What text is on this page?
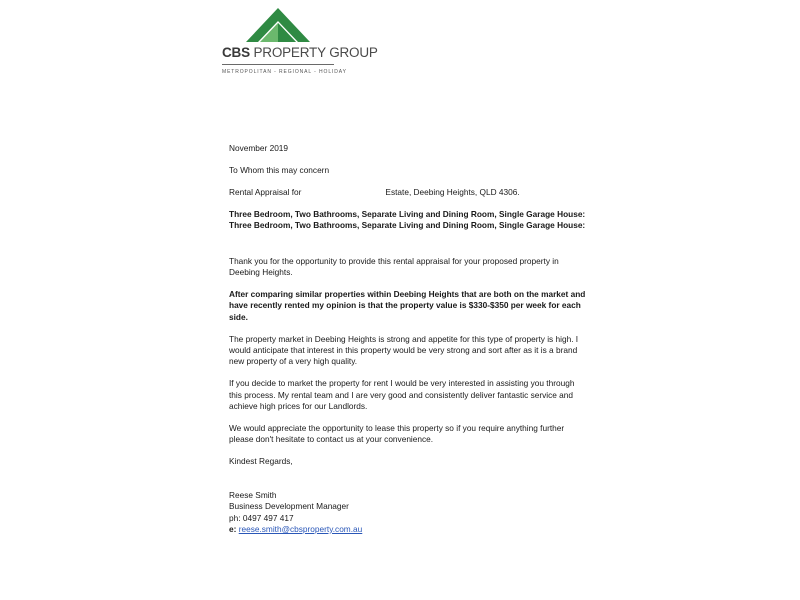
CBS PROPERTY GROUP
METROPOLITAN - REGIONAL - HOLIDAY

November 2019

To Whom this may concern

Rental Appraisal for	Estate, Deebing Heights, QLD 4306.

Three Bedroom, Two Bathrooms, Separate Living and Dining Room, Single Garage House:

Three Bedroom, Two Bathrooms, Separate Living and Dining Room, Single Garage House:

Thank you for the opportunity to provide this rental appraisal for your proposed property in Deebing Heights.

After comparing similar properties within Deebing Heights that are both on the market and have recently rented my opinion is that the property value is $330-$350 per week for each side.

The property market in Deebing Heights is strong and appetite for this type of property is high. I would anticipate that interest in this property would be very strong and sort after as it is a brand new property of a very high quality.

If you decide to market the property for rent I would be very interested in assisting you through this process. My rental team and I are very good and consistently deliver fantastic service and achieve high prices for our Landlords.

We would appreciate the opportunity to lease this property so if you require anything further please don't hesitate to contact us at your convenience.

Kindest Regards,

Reese Smith

Business Development Manager

ph: 0497 497 417

e: reese.smith@cbsproperty.com.au
